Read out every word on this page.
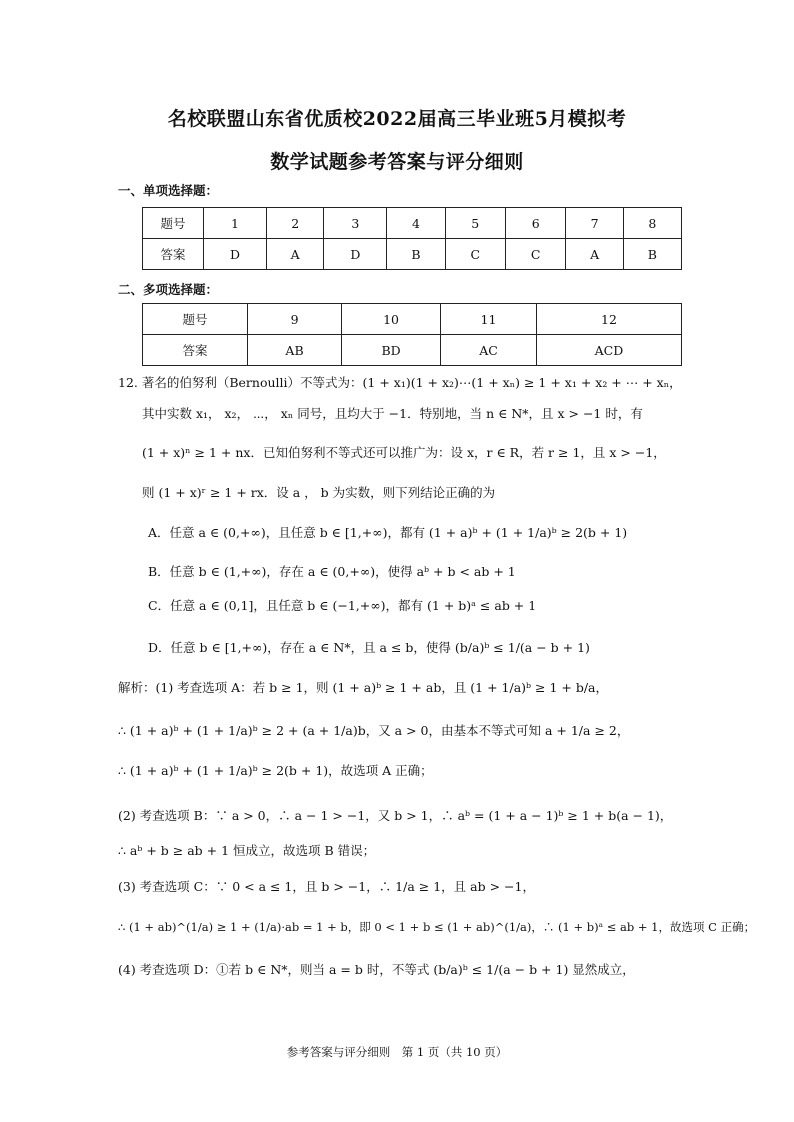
名校联盟山东省优质校2022届高三毕业班5月模拟考
数学试题参考答案与评分细则
一、单项选择题：
题号	1	2	3	4	5	6	7	8
答案	D	A	D	B	C	C	A	B
二、多项选择题：
题号	9	10	11	12
答案	AB	BD	AC	ACD
12. 著名的伯努利（Bernoulli）不等式为：(1 + x₁)(1 + x₂)⋯(1 + xₙ) ≥ 1 + x₁ + x₂ + ⋯ + xₙ，
其中实数 x₁， x₂， ⋯， xₙ 同号，且均大于 −1．特别地，当 n ∈ N*，且 x > −1 时，有
(1 + x)ⁿ ≥ 1 + nx．已知伯努利不等式还可以推广为：设 x，r ∈ R，若 r ≥ 1，且 x > −1，
则 (1 + x)ʳ ≥ 1 + rx．设 a ， b 为实数，则下列结论正确的为
A．任意 a ∈ (0,+∞)，且任意 b ∈ [1,+∞)，都有 (1 + a)ᵇ + (1 + 1/a)ᵇ ≥ 2(b + 1)
B．任意 b ∈ (1,+∞)，存在 a ∈ (0,+∞)，使得 aᵇ + b < ab + 1
C．任意 a ∈ (0,1]，且任意 b ∈ (−1,+∞)，都有 (1 + b)ᵃ ≤ ab + 1
D．任意 b ∈ [1,+∞)，存在 a ∈ N*，且 a ≤ b，使得 (b/a)ᵇ ≤ 1/(a − b + 1)
解析：(1) 考查选项 A：若 b ≥ 1，则 (1 + a)ᵇ ≥ 1 + ab，且 (1 + 1/a)ᵇ ≥ 1 + b/a，
∴ (1 + a)ᵇ + (1 + 1/a)ᵇ ≥ 2 + (a + 1/a)b，又 a > 0，由基本不等式可知 a + 1/a ≥ 2，
∴ (1 + a)ᵇ + (1 + 1/a)ᵇ ≥ 2(b + 1)，故选项 A 正确；
(2) 考查选项 B：∵ a > 0，∴ a − 1 > −1，又 b > 1，∴ aᵇ = (1 + a − 1)ᵇ ≥ 1 + b(a − 1)，
∴ aᵇ + b ≥ ab + 1 恒成立，故选项 B 错误；
(3) 考查选项 C：∵ 0 < a ≤ 1，且 b > −1，∴ 1/a ≥ 1，且 ab > −1，
∴ (1 + ab)^(1/a) ≥ 1 + (1/a)·ab = 1 + b，即 0 < 1 + b ≤ (1 + ab)^(1/a)，∴ (1 + b)ᵃ ≤ ab + 1，故选项 C 正确；
(4) 考查选项 D：①若 b ∈ N*，则当 a = b 时，不等式 (b/a)ᵇ ≤ 1/(a − b + 1) 显然成立，
参考答案与评分细则　第 1 页（共 10 页）
